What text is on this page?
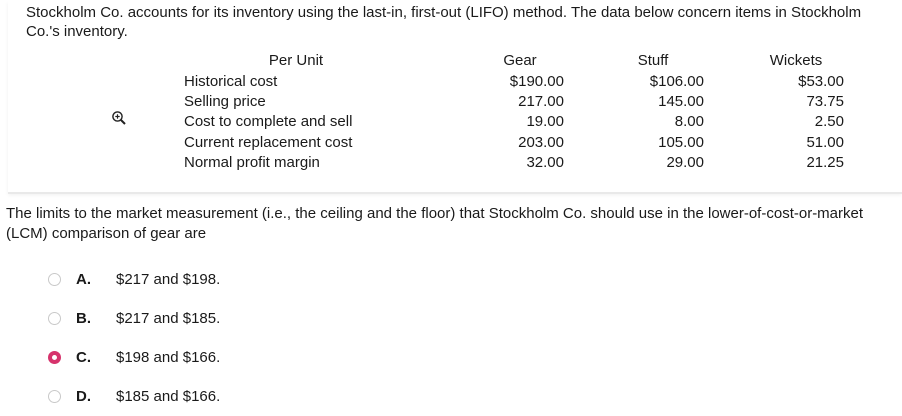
Stockholm Co. accounts for its inventory using the last-in, first-out (LIFO) method. The data below concern items in Stockholm Co.'s inventory.
Per Unit	Gear	Stuff	Wickets
Historical cost	$190.00	$106.00	$53.00
Selling price	217.00	145.00	73.75
Cost to complete and sell	19.00	8.00	2.50
Current replacement cost	203.00	105.00	51.00
Normal profit margin	32.00	29.00	21.25
The limits to the market measurement (i.e., the ceiling and the floor) that Stockholm Co. should use in the lower-of-cost-or-market (LCM) comparison of gear are
A.	$217 and $198.
B.	$217 and $185.
C.	$198 and $166.
D.	$185 and $166.
